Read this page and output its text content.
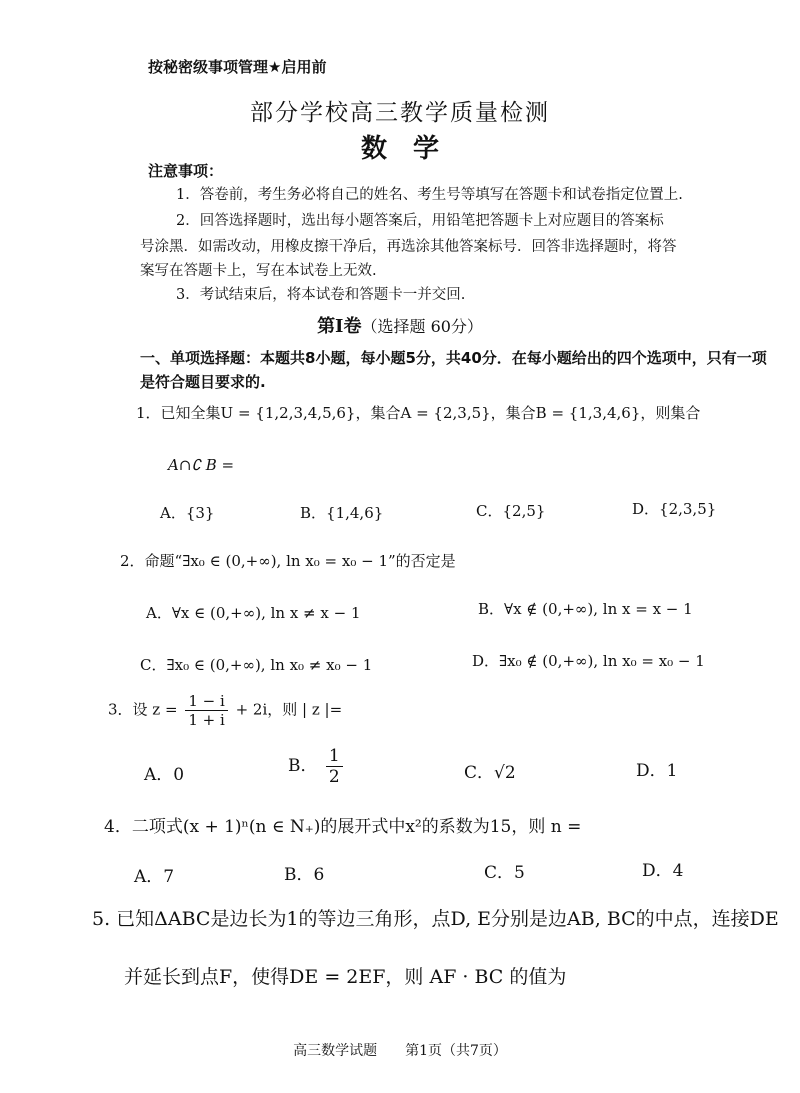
按秘密级事项管理★启用前
部分学校高三教学质量检测
数学
注意事项：
1．答卷前，考生务必将自己的姓名、考生号等填写在答题卡和试卷指定位置上.
2．回答选择题时，选出每小题答案后，用铅笔把答题卡上对应题目的答案标
号涂黑．如需改动，用橡皮擦干净后，再选涂其他答案标号．回答非选择题时，将答
案写在答题卡上，写在本试卷上无效.
3．考试结束后，将本试卷和答题卡一并交回.
第Ⅰ卷（选择题 60分）
一、单项选择题：本题共8小题，每小题5分，共40分．在每小题给出的四个选项中，只有一项是符合题目要求的.
1．已知全集U = {1,2,3,4,5,6}，集合A = {2,3,5}，集合B = {1,3,4,6}，则集合
A∩∁ B =
A．{3}	B．{1,4,6}	C．{2,5}	D．{2,3,5}
2．命题“∃x₀ ∈ (0,+∞), ln x₀ = x₀ − 1”的否定是
A．∀x ∈ (0,+∞), ln x ≠ x − 1	B．∀x ∉ (0,+∞), ln x = x − 1
C．∃x₀ ∈ (0,+∞), ln x₀ ≠ x₀ − 1	D．∃x₀ ∉ (0,+∞), ln x₀ = x₀ − 1
3．设 $z = \frac{1 - i}{1 + i} + 2i$，则 | z |=
A．0	B． $\frac{1}{2}$	C．√2	D．1
4．二项式(x + 1)ⁿ(n ∈ N₊)的展开式中x²的系数为15，则 n =
A．7	B．6	C．5	D．4
5. 已知ΔABC是边长为1的等边三角形，点D, E分别是边AB, BC的中点，连接DE
并延长到点F，使得DE = 2EF，则 AF · BC 的值为
高三数学试题　　第1页（共7页）
